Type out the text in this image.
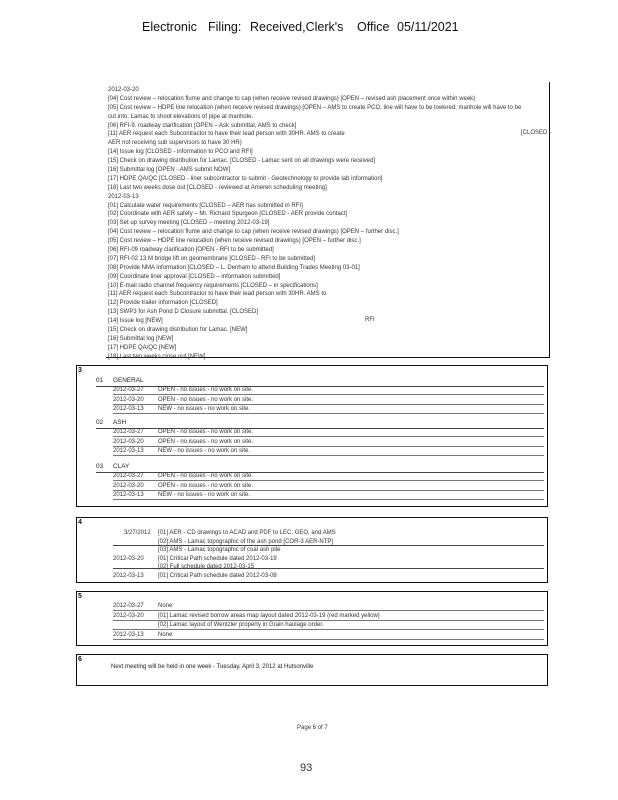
Electronic Filing: Received,Clerk's Office 05/11/2021
2012-03-20
[04] Cost review – relocation flume and change to cap (when receive revised drawings) [OPEN – revised ash placement once within week)
[05] Cost review – HDPE line relocation (when receive revised drawings) [OPEN – AMS to create PCO, line will have to be lowered, manhole will have to be
cut into. Lamac to shoot elevations of pipe at manhole.
[06] RFI-9. roadway clarification [OPEN – Ask submittal, AMS to check]
[11] AER request each Subcontractor to have their lead person with 30HR. AMS to create
AER not receiving sub supervisors to have 30 HR)
[14] Issue log [CLOSED - information to PCO and RFI]
[15] Check on drawing distribution for Lamac. [CLOSED - Lamac sent on all drawings were received]
[16] Submittal log [OPEN - AMS submit NOW]
[17] HDPE QA/QC [CLOSED - liner subcontractor to submit - Geotechnology to provide lab information]
[18] Last two weeks dose out [CLOSED - reviewed at Ameren scheduling meeting]
2012-03-13
[01] Calculate water requirements [CLOSED – AER has submitted in RFI]
[02] Coordinate with AER safety – Mr. Richard Spurgeon [CLOSED - AER provide contact]
[03] Set up survey meeting [CLOSED – meeting 2012-03-19]
[04] Cost review – relocation flume and change to cap (when receive revised drawings) [OPEN – further disc.]
[05] Cost review – HDPE line relocation (when receive revised drawings) [OPEN – further disc.]
[06] RFI-09 roadway clarification [OPEN - RFI to be submitted]
[07] RFI-02 13 M bridge lift on geomembrane [CLOSED - RFI to be submitted]
[08] Provide NMA information [CLOSED – L. Denham to attend Building Trades Meeting 03-01]
[09] Coordinate liner approval [CLOSED – information submitted]
[10] E-mail radio channel frequency requirements [CLOSED – in specifications]
[11] AER request each Subcontractor to have their lead person with 30HR. AMS to
[12] Provide trailer information [CLOSED]
[13] SWP3 for Ash Pond D Closure submittal. [CLOSED]
[14] Issue log [NEW]
[15] Check on drawing distribution for Lamac. [NEW]
[16] Submittal log [NEW]
[17] HDPE QA/QC [NEW]
[18] Last two weeks close out [NEW]
[CLOSED -
RFI
3
01 GENERAL
2012-03-27 OPEN - no issues - no work on site.
2012-03-20 OPEN - no issues - no work on site.
2012-03-13 NEW - no issues - no work on site.
02 ASH
2012-03-27 OPEN - no issues - no work on site.
2012-03-20 OPEN - no issues - no work on site.
2012-03-13 NEW - no issues - no work on site.
03 CLAY
2012-03-27 OPEN - no issues - no work on site.
2012-03-20 OPEN - no issues - no work on site.
2012-03-13 NEW - no issues - no work on site.
4
3/27/2012 [01] AER - CD drawings to ACAD and PDF to LEC, GEO, and AMS
[02] AMS - Lamac topographic of the ash pond [COR-3 AER-NTP]
[03] AMS - Lamac topographic of coal ash pile
2012-03-20 [01] Critical Path schedule dated 2012-03-19
2012-03-13 [01] Critical Path schedule dated 2012-03-08
5
2012-03-27 None
2012-03-20 [01] Lamac revised borrow areas map layout dated 2012-03-19 (red marked yellow)
[02] Lamac layout of Wentzler property in Grain haulage order.
2012-03-13 None
6
Next meeting will be held in one week - Tuesday, April 3, 2012 at Hutsonville
Page 6 of 7
93
